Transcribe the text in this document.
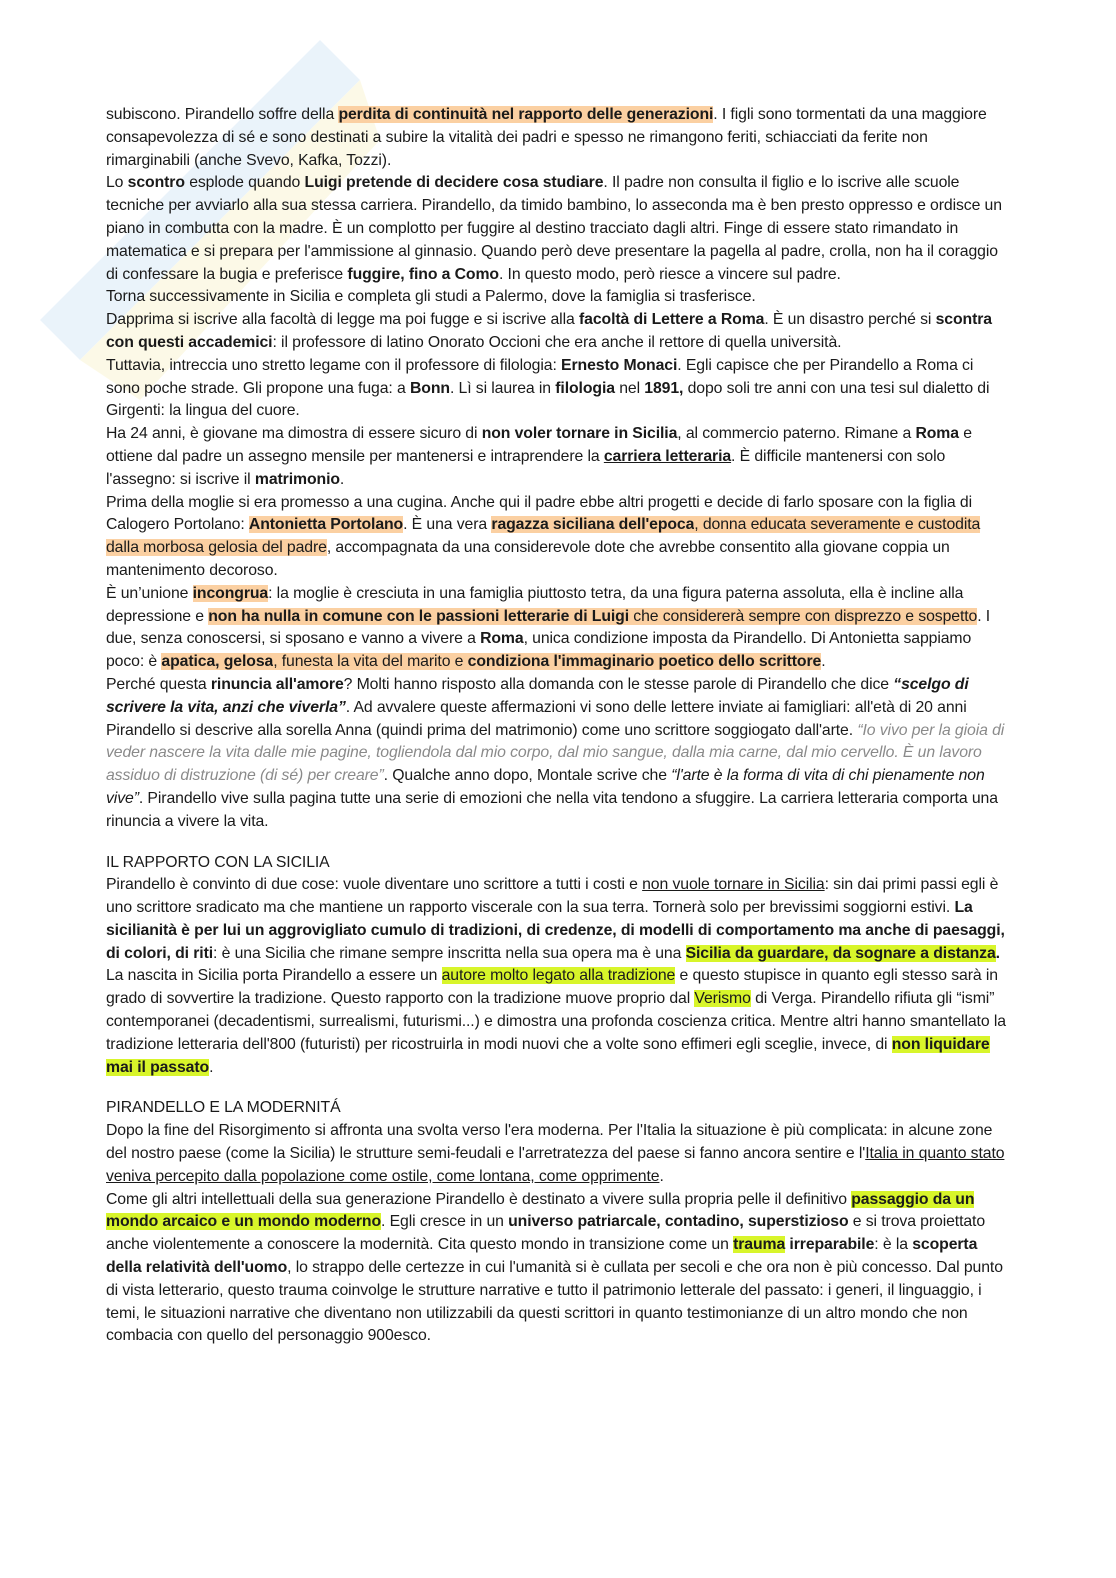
subiscono. Pirandello soffre della perdita di continuità nel rapporto delle generazioni. I figli sono tormentati da una maggiore consapevolezza di sé e sono destinati a subire la vitalità dei padri e spesso ne rimangono feriti, schiacciati da ferite non rimarginabili (anche Svevo, Kafka, Tozzi).

Lo scontro esplode quando Luigi pretende di decidere cosa studiare. Il padre non consulta il figlio e lo iscrive alle scuole tecniche per avviarlo alla sua stessa carriera. Pirandello, da timido bambino, lo asseconda ma è ben presto oppresso e ordisce un piano in combutta con la madre. È un complotto per fuggire al destino tracciato dagli altri. Finge di essere stato rimandato in matematica e si prepara per l'ammissione al ginnasio. Quando però deve presentare la pagella al padre, crolla, non ha il coraggio di confessare la bugia e preferisce fuggire, fino a Como. In questo modo, però riesce a vincere sul padre.

Torna successivamente in Sicilia e completa gli studi a Palermo, dove la famiglia si trasferisce.

Dapprima si iscrive alla facoltà di legge ma poi fugge e si iscrive alla facoltà di Lettere a Roma. È un disastro perché si scontra con questi accademici: il professore di latino Onorato Occioni che era anche il rettore di quella università.

Tuttavia, intreccia uno stretto legame con il professore di filologia: Ernesto Monaci. Egli capisce che per Pirandello a Roma ci sono poche strade. Gli propone una fuga: a Bonn. Lì si laurea in filologia nel 1891, dopo soli tre anni con una tesi sul dialetto di Girgenti: la lingua del cuore.

Ha 24 anni, è giovane ma dimostra di essere sicuro di non voler tornare in Sicilia, al commercio paterno. Rimane a Roma e ottiene dal padre un assegno mensile per mantenersi e intraprendere la carriera letteraria. È difficile mantenersi con solo l'assegno: si iscrive il matrimonio.

Prima della moglie si era promesso a una cugina. Anche qui il padre ebbe altri progetti e decide di farlo sposare con la figlia di Calogero Portolano: Antonietta Portolano. È una vera ragazza siciliana dell'epoca, donna educata severamente e custodita dalla morbosa gelosia del padre, accompagnata da una considerevole dote che avrebbe consentito alla giovane coppia un mantenimento decoroso.

È un’unione incongrua: la moglie è cresciuta in una famiglia piuttosto tetra, da una figura paterna assoluta, ella è incline alla depressione e non ha nulla in comune con le passioni letterarie di Luigi che considererà sempre con disprezzo e sospetto. I due, senza conoscersi, si sposano e vanno a vivere a Roma, unica condizione imposta da Pirandello. Di Antonietta sappiamo poco: è apatica, gelosa, funesta la vita del marito e condiziona l'immaginario poetico dello scrittore.

Perché questa rinuncia all'amore? Molti hanno risposto alla domanda con le stesse parole di Pirandello che dice “scelgo di scrivere la vita, anzi che viverla”. Ad avvalere queste affermazioni vi sono delle lettere inviate ai famigliari: all'età di 20 anni Pirandello si descrive alla sorella Anna (quindi prima del matrimonio) come uno scrittore soggiogato dall'arte. “Io vivo per la gioia di veder nascere la vita dalle mie pagine, togliendola dal mio corpo, dal mio sangue, dalla mia carne, dal mio cervello. È un lavoro assiduo di distruzione (di sé) per creare”. Qualche anno dopo, Montale scrive che “l'arte è la forma di vita di chi pienamente non vive”. Pirandello vive sulla pagina tutte una serie di emozioni che nella vita tendono a sfuggire. La carriera letteraria comporta una rinuncia a vivere la vita.

IL RAPPORTO CON LA SICILIA

Pirandello è convinto di due cose: vuole diventare uno scrittore a tutti i costi e non vuole tornare in Sicilia: sin dai primi passi egli è uno scrittore sradicato ma che mantiene un rapporto viscerale con la sua terra. Tornerà solo per brevissimi soggiorni estivi. La sicilianità è per lui un aggrovigliato cumulo di tradizioni, di credenze, di modelli di comportamento ma anche di paesaggi, di colori, di riti: è una Sicilia che rimane sempre inscritta nella sua opera ma è una Sicilia da guardare, da sognare a distanza.

La nascita in Sicilia porta Pirandello a essere un autore molto legato alla tradizione e questo stupisce in quanto egli stesso sarà in grado di sovvertire la tradizione. Questo rapporto con la tradizione muove proprio dal Verismo di Verga. Pirandello rifiuta gli “ismi” contemporanei (decadentismi, surrealismi, futurismi...) e dimostra una profonda coscienza critica. Mentre altri hanno smantellato la tradizione letteraria dell'800 (futuristi) per ricostruirla in modi nuovi che a volte sono effimeri egli sceglie, invece, di non liquidare mai il passato.

PIRANDELLO E LA MODERNITÁ

Dopo la fine del Risorgimento si affronta una svolta verso l'era moderna. Per l'Italia la situazione è più complicata: in alcune zone del nostro paese (come la Sicilia) le strutture semi-feudali e l'arretratezza del paese si fanno ancora sentire e l'Italia in quanto stato veniva percepito dalla popolazione come ostile, come lontana, come opprimente.

Come gli altri intellettuali della sua generazione Pirandello è destinato a vivere sulla propria pelle il definitivo passaggio da un mondo arcaico e un mondo moderno. Egli cresce in un universo patriarcale, contadino, superstizioso e si trova proiettato anche violentemente a conoscere la modernità. Cita questo mondo in transizione come un trauma irreparabile: è la scoperta della relatività dell'uomo, lo strappo delle certezze in cui l'umanità si è cullata per secoli e che ora non è più concesso. Dal punto di vista letterario, questo trauma coinvolge le strutture narrative e tutto il patrimonio letterale del passato: i generi, il linguaggio, i temi, le situazioni narrative che diventano non utilizzabili da questi scrittori in quanto testimonianze di un altro mondo che non combacia con quello del personaggio 900esco.
